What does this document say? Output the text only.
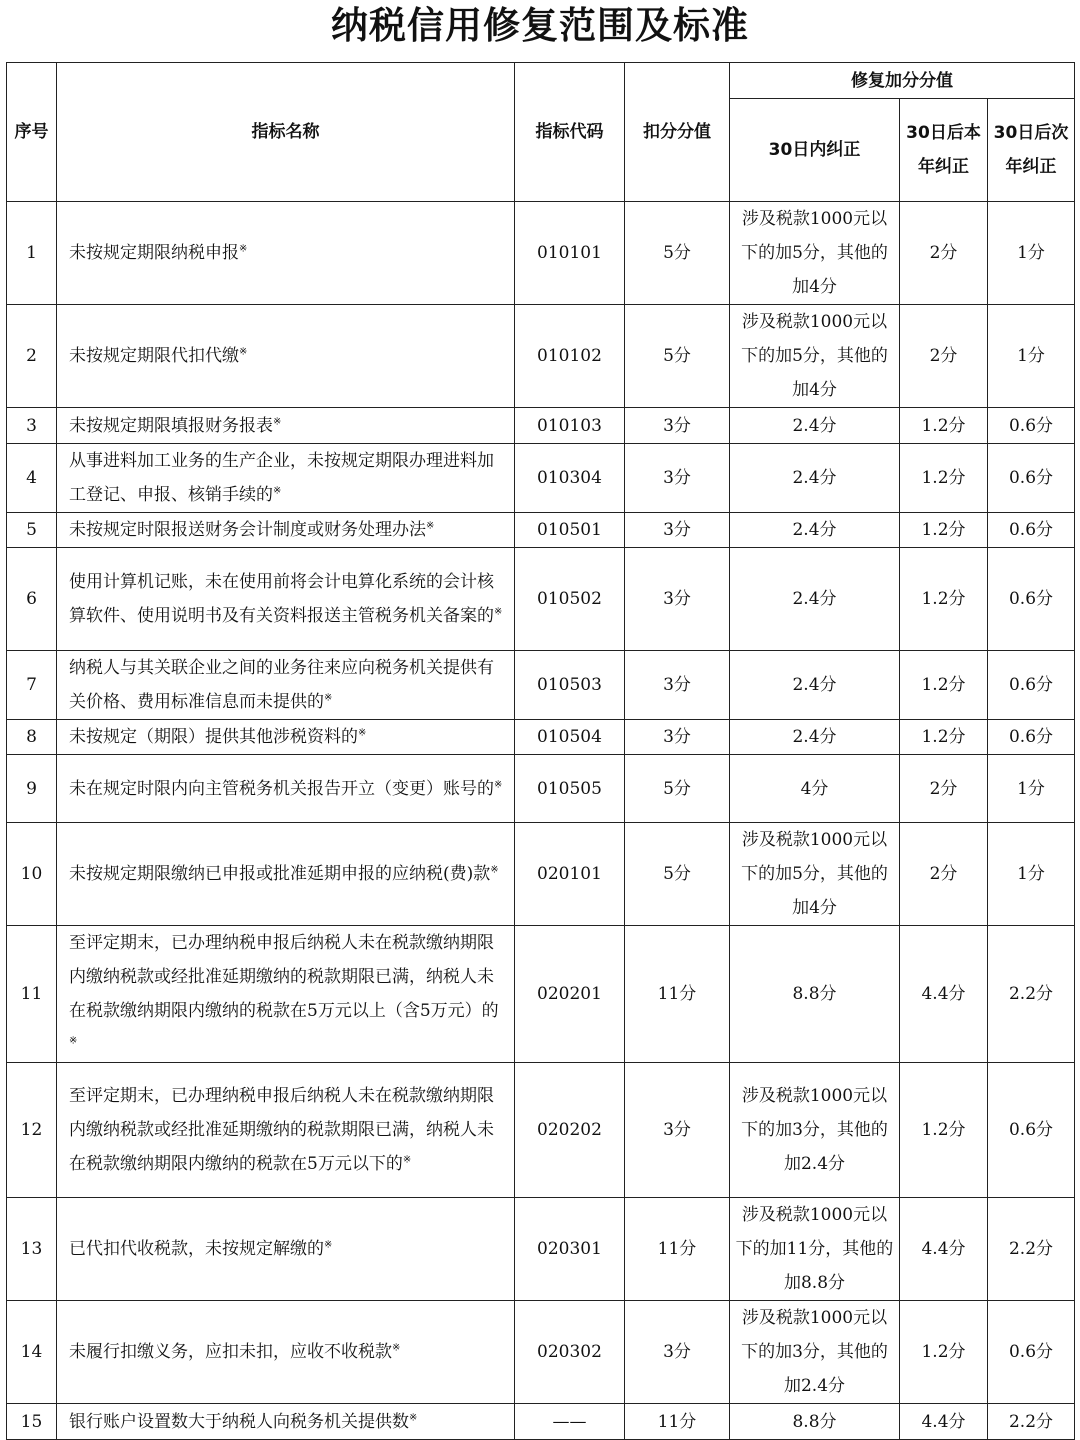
纳税信用修复范围及标准
序号	指标名称	指标代码	扣分分值	修复加分分值		
				30日内纠正	30日后本年纠正	30日后次年纠正
1	未按规定期限纳税申报※	010101	5分	涉及税款1000元以下的加5分，其他的加4分	2分	1分
2	未按规定期限代扣代缴※	010102	5分	涉及税款1000元以下的加5分，其他的加4分	2分	1分
3	未按规定期限填报财务报表※	010103	3分	2.4分	1.2分	0.6分
4	从事进料加工业务的生产企业，未按规定期限办理进料加工登记、申报、核销手续的※	010304	3分	2.4分	1.2分	0.6分
5	未按规定时限报送财务会计制度或财务处理办法※	010501	3分	2.4分	1.2分	0.6分
6	使用计算机记账，未在使用前将会计电算化系统的会计核算软件、使用说明书及有关资料报送主管税务机关备案的※	010502	3分	2.4分	1.2分	0.6分
7	纳税人与其关联企业之间的业务往来应向税务机关提供有关价格、费用标准信息而未提供的※	010503	3分	2.4分	1.2分	0.6分
8	未按规定（期限）提供其他涉税资料的※	010504	3分	2.4分	1.2分	0.6分
9	未在规定时限内向主管税务机关报告开立（变更）账号的※	010505	5分	4分	2分	1分
10	未按规定期限缴纳已申报或批准延期申报的应纳税(费)款※	020101	5分	涉及税款1000元以下的加5分，其他的加4分	2分	1分
11	至评定期末，已办理纳税申报后纳税人未在税款缴纳期限内缴纳税款或经批准延期缴纳的税款期限已满，纳税人未在税款缴纳期限内缴纳的税款在5万元以上（含5万元）的※	020201	11分	8.8分	4.4分	2.2分
12	至评定期末，已办理纳税申报后纳税人未在税款缴纳期限内缴纳税款或经批准延期缴纳的税款期限已满，纳税人未在税款缴纳期限内缴纳的税款在5万元以下的※	020202	3分	涉及税款1000元以下的加3分，其他的加2.4分	1.2分	0.6分
13	已代扣代收税款，未按规定解缴的※	020301	11分	涉及税款1000元以下的加11分，其他的加8.8分	4.4分	2.2分
14	未履行扣缴义务，应扣未扣，应收不收税款※	020302	3分	涉及税款1000元以下的加3分，其他的加2.4分	1.2分	0.6分
15	银行账户设置数大于纳税人向税务机关提供数※	——	11分	8.8分	4.4分	2.2分
